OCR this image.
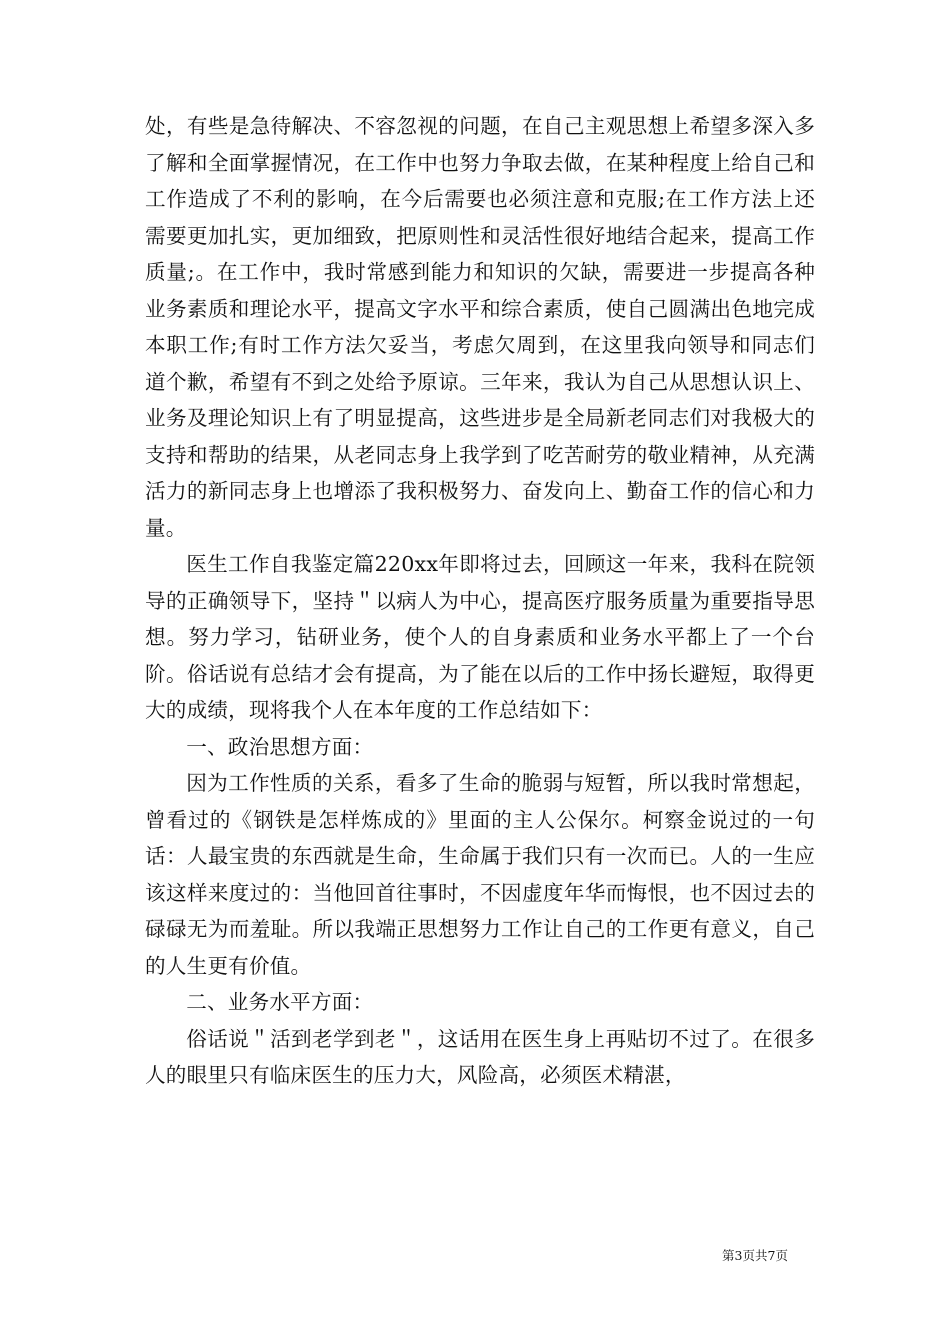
处，有些是急待解决、不容忽视的问题，在自己主观思想上希望多深入多了解和全面掌握情况，在工作中也努力争取去做，在某种程度上给自己和工作造成了不利的影响，在今后需要也必须注意和克服;在工作方法上还需要更加扎实，更加细致，把原则性和灵活性很好地结合起来，提高工作质量;。在工作中，我时常感到能力和知识的欠缺，需要进一步提高各种业务素质和理论水平，提高文字水平和综合素质，使自己圆满出色地完成本职工作;有时工作方法欠妥当，考虑欠周到，在这里我向领导和同志们道个歉，希望有不到之处给予原谅。三年来，我认为自己从思想认识上、业务及理论知识上有了明显提高，这些进步是全局新老同志们对我极大的支持和帮助的结果，从老同志身上我学到了吃苦耐劳的敬业精神，从充满活力的新同志身上也增添了我积极努力、奋发向上、勤奋工作的信心和力量。

医生工作自我鉴定篇220xx年即将过去，回顾这一年来，我科在院领导的正确领导下，坚持＂以病人为中心，提高医疗服务质量为重要指导思想。努力学习，钻研业务，使个人的自身素质和业务水平都上了一个台阶。俗话说有总结才会有提高，为了能在以后的工作中扬长避短，取得更大的成绩，现将我个人在本年度的工作总结如下：

一、政治思想方面：

因为工作性质的关系，看多了生命的脆弱与短暂，所以我时常想起，曾看过的《钢铁是怎样炼成的》里面的主人公保尔。柯察金说过的一句话：人最宝贵的东西就是生命，生命属于我们只有一次而已。人的一生应该这样来度过的：当他回首往事时，不因虚度年华而悔恨，也不因过去的碌碌无为而羞耻。所以我端正思想努力工作让自己的工作更有意义，自己的人生更有价值。

二、业务水平方面：

俗话说＂活到老学到老＂，这话用在医生身上再贴切不过了。在很多人的眼里只有临床医生的压力大，风险高，必须医术精湛，

第3页共7页
